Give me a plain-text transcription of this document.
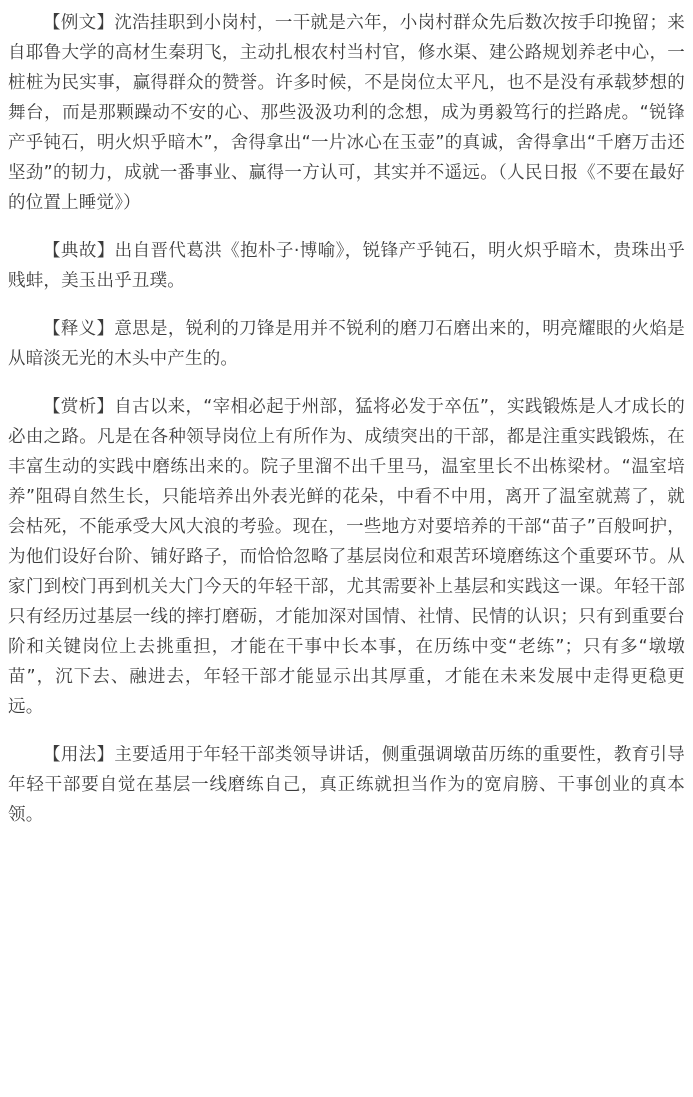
【例文】沈浩挂职到小岗村，一干就是六年，小岗村群众先后数次按手印挽留；来自耶鲁大学的高材生秦玥飞，主动扎根农村当村官，修水渠、建公路规划养老中心，一桩桩为民实事，赢得群众的赞誉。许多时候，不是岗位太平凡，也不是没有承载梦想的舞台，而是那颗躁动不安的心、那些汲汲功利的念想，成为勇毅笃行的拦路虎。“锐锋产乎钝石，明火炽乎暗木”，舍得拿出“一片冰心在玉壶”的真诚，舍得拿出“千磨万击还坚劲”的韧力，成就一番事业、赢得一方认可，其实并不遥远。（人民日报《不要在最好的位置上睡觉》）

【典故】出自晋代葛洪《抱朴子·博喻》，锐锋产乎钝石，明火炽乎暗木，贵珠出乎贱蚌，美玉出乎丑璞。

【释义】意思是，锐利的刀锋是用并不锐利的磨刀石磨出来的，明亮耀眼的火焰是从暗淡无光的木头中产生的。

【赏析】自古以来，“宰相必起于州部，猛将必发于卒伍”，实践锻炼是人才成长的必由之路。凡是在各种领导岗位上有所作为、成绩突出的干部，都是注重实践锻炼，在丰富生动的实践中磨练出来的。院子里溜不出千里马，温室里长不出栋梁材。“温室培养”阻碍自然生长，只能培养出外表光鲜的花朵，中看不中用，离开了温室就蔫了，就会枯死，不能承受大风大浪的考验。现在，一些地方对要培养的干部“苗子”百般呵护，为他们设好台阶、铺好路子，而恰恰忽略了基层岗位和艰苦环境磨练这个重要环节。从家门到校门再到机关大门今天的年轻干部，尤其需要补上基层和实践这一课。年轻干部只有经历过基层一线的摔打磨砺，才能加深对国情、社情、民情的认识；只有到重要台阶和关键岗位上去挑重担，才能在干事中长本事，在历练中变“老练”；只有多“墩墩苗”，沉下去、融进去，年轻干部才能显示出其厚重，才能在未来发展中走得更稳更远。

【用法】主要适用于年轻干部类领导讲话，侧重强调墩苗历练的重要性，教育引导年轻干部要自觉在基层一线磨练自己，真正练就担当作为的宽肩膀、干事创业的真本领。
